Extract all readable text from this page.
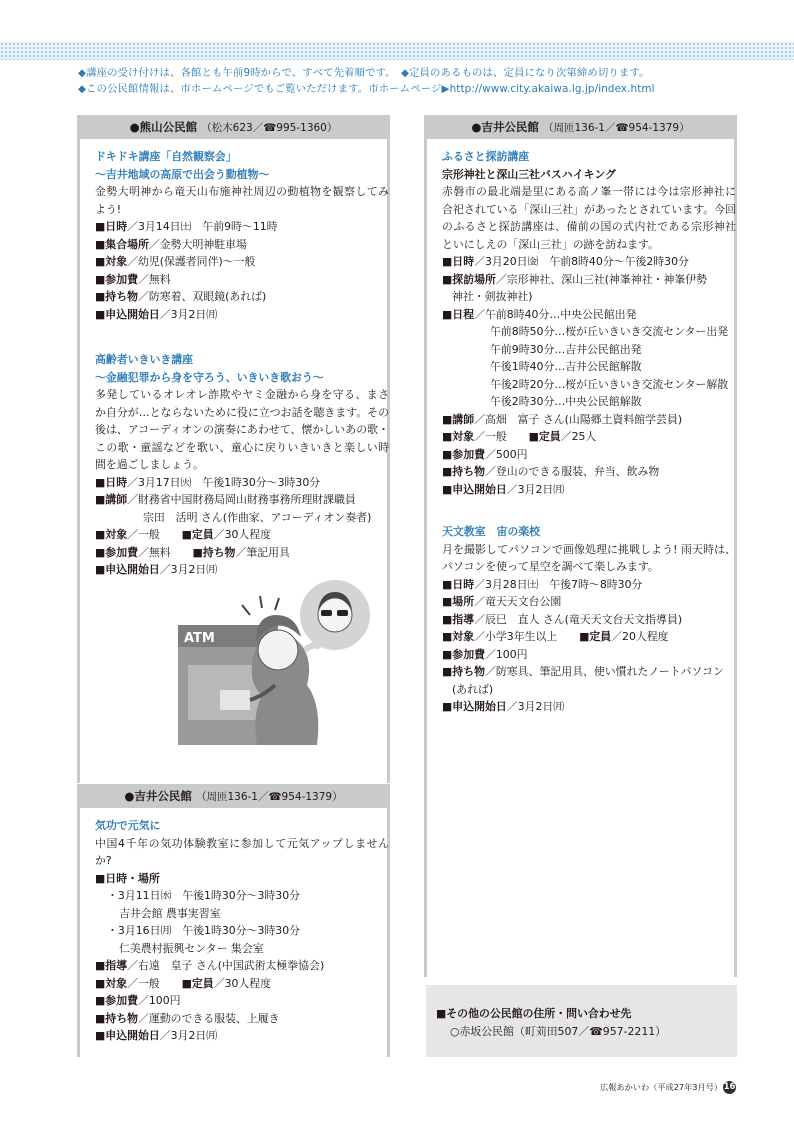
◆講座の受け付けは、各館とも午前9時からで、すべて先着順です。　◆定員のあるものは、定員になり次第締め切ります。

◆この公民館情報は、市ホームページでもご覧いただけます。市ホームページ▶http://www.city.akaiwa.lg.jp/index.html

●熊山公民館 （松木623／☎995-1360）

ドキドキ講座「自然観察会」

〜吉井地域の高原で出会う動植物〜

金勢大明神から竜天山布施神社周辺の動植物を観察してみよう!

■ 日時／3月14日㈯　午前9時〜11時

■ 集合場所／金勢大明神駐車場

■ 対象／幼児(保護者同伴)〜一般

■ 参加費／無料

■ 持ち物／防寒着、双眼鏡(あれば)

■ 申込開始日／3月2日㈪

高齢者いきいき講座

〜金融犯罪から身を守ろう、いきいき歌おう〜

多発しているオレオレ詐欺やヤミ金融から身を守る、まさか自分が…とならないために役に立つお話を聴きます。その後は、アコーディオンの演奏にあわせて、懐かしいあの歌・この歌・童謡などを歌い、童心に戻りいきいきと楽しい時間を過ごしましょう。

■ 日時／3月17日㈫　午後1時30分〜3時30分

■ 講師／財務省中国財務局岡山財務事務所理財課職員

宗田　活明 さん(作曲家、アコーディオン奏者)

■ 対象／一般　　	■ 定員／30人程度

■ 参加費／無料　　	■ 持ち物／筆記用具

■ 申込開始日／3月2日㈪

ATM
●吉井公民館 （周匝136-1／☎954-1379）

気功で元気に

中国4千年の気功体験教室に参加して元気アップしませんか?

■ 日時・場所

・3月11日㈬　午後1時30分〜3時30分

吉井会館 農事実習室

・3月16日㈪　午後1時30分〜3時30分

仁美農村振興センター 集会室

■ 指導／右遠　皇子 さん(中国武術太極拳協会)

■ 対象／一般　　	■ 定員／30人程度

■ 参加費／100円

■ 持ち物／運動のできる服装、上履き

■ 申込開始日／3月2日㈪

●吉井公民館 （周匝136-1／☎954-1379）

ふるさと探訪講座

宗形神社と深山三社バスハイキング

赤磐市の最北端是里にある高ノ峯一帯には今は宗形神社に合祀されている「深山三社」があったとされています。今回のふるさと探訪講座は、備前の国の式内社である宗形神社といにしえの「深山三社」の跡を訪ねます。

■ 日時／3月20日㈮　午前8時40分〜午後2時30分

■ 探訪場所／宗形神社、深山三社(神峯神社・神峯伊勢

神社・剣抜神社)

■ 日程／午前8時40分…中央公民館出発

午前8時50分…桜が丘いきいき交流センター出発

午前9時30分…吉井公民館出発

午後1時40分…吉井公民館解散

午後2時20分…桜が丘いきいき交流センター解散

午後2時30分…中央公民館解散

■ 講師／高畑　富子 さん(山陽郷土資料館学芸員)

■ 対象／一般　　	■ 定員／25人

■ 参加費／500円

■ 持ち物／登山のできる服装、弁当、飲み物

■ 申込開始日／3月2日㈪

天文教室　宙の楽校

月を撮影してパソコンで画像処理に挑戦しよう! 雨天時は、パソコンを使って星空を調べて楽しみます。

■ 日時／3月28日㈯　午後7時〜8時30分

■ 場所／竜天天文台公園

■ 指導／辰巳　直人 さん(竜天天文台天文指導員)

■ 対象／小学3年生以上　　	■ 定員／20人程度

■ 参加費／100円

■ 持ち物／防寒具、筆記用具、使い慣れたノートパソコン

(あれば)

■ 申込開始日／3月2日㈪

■その他の公民館の住所・問い合わせ先

○赤坂公民館（町苅田507／☎957-2211）

広報あかいわ（平成27年3月号） 16
